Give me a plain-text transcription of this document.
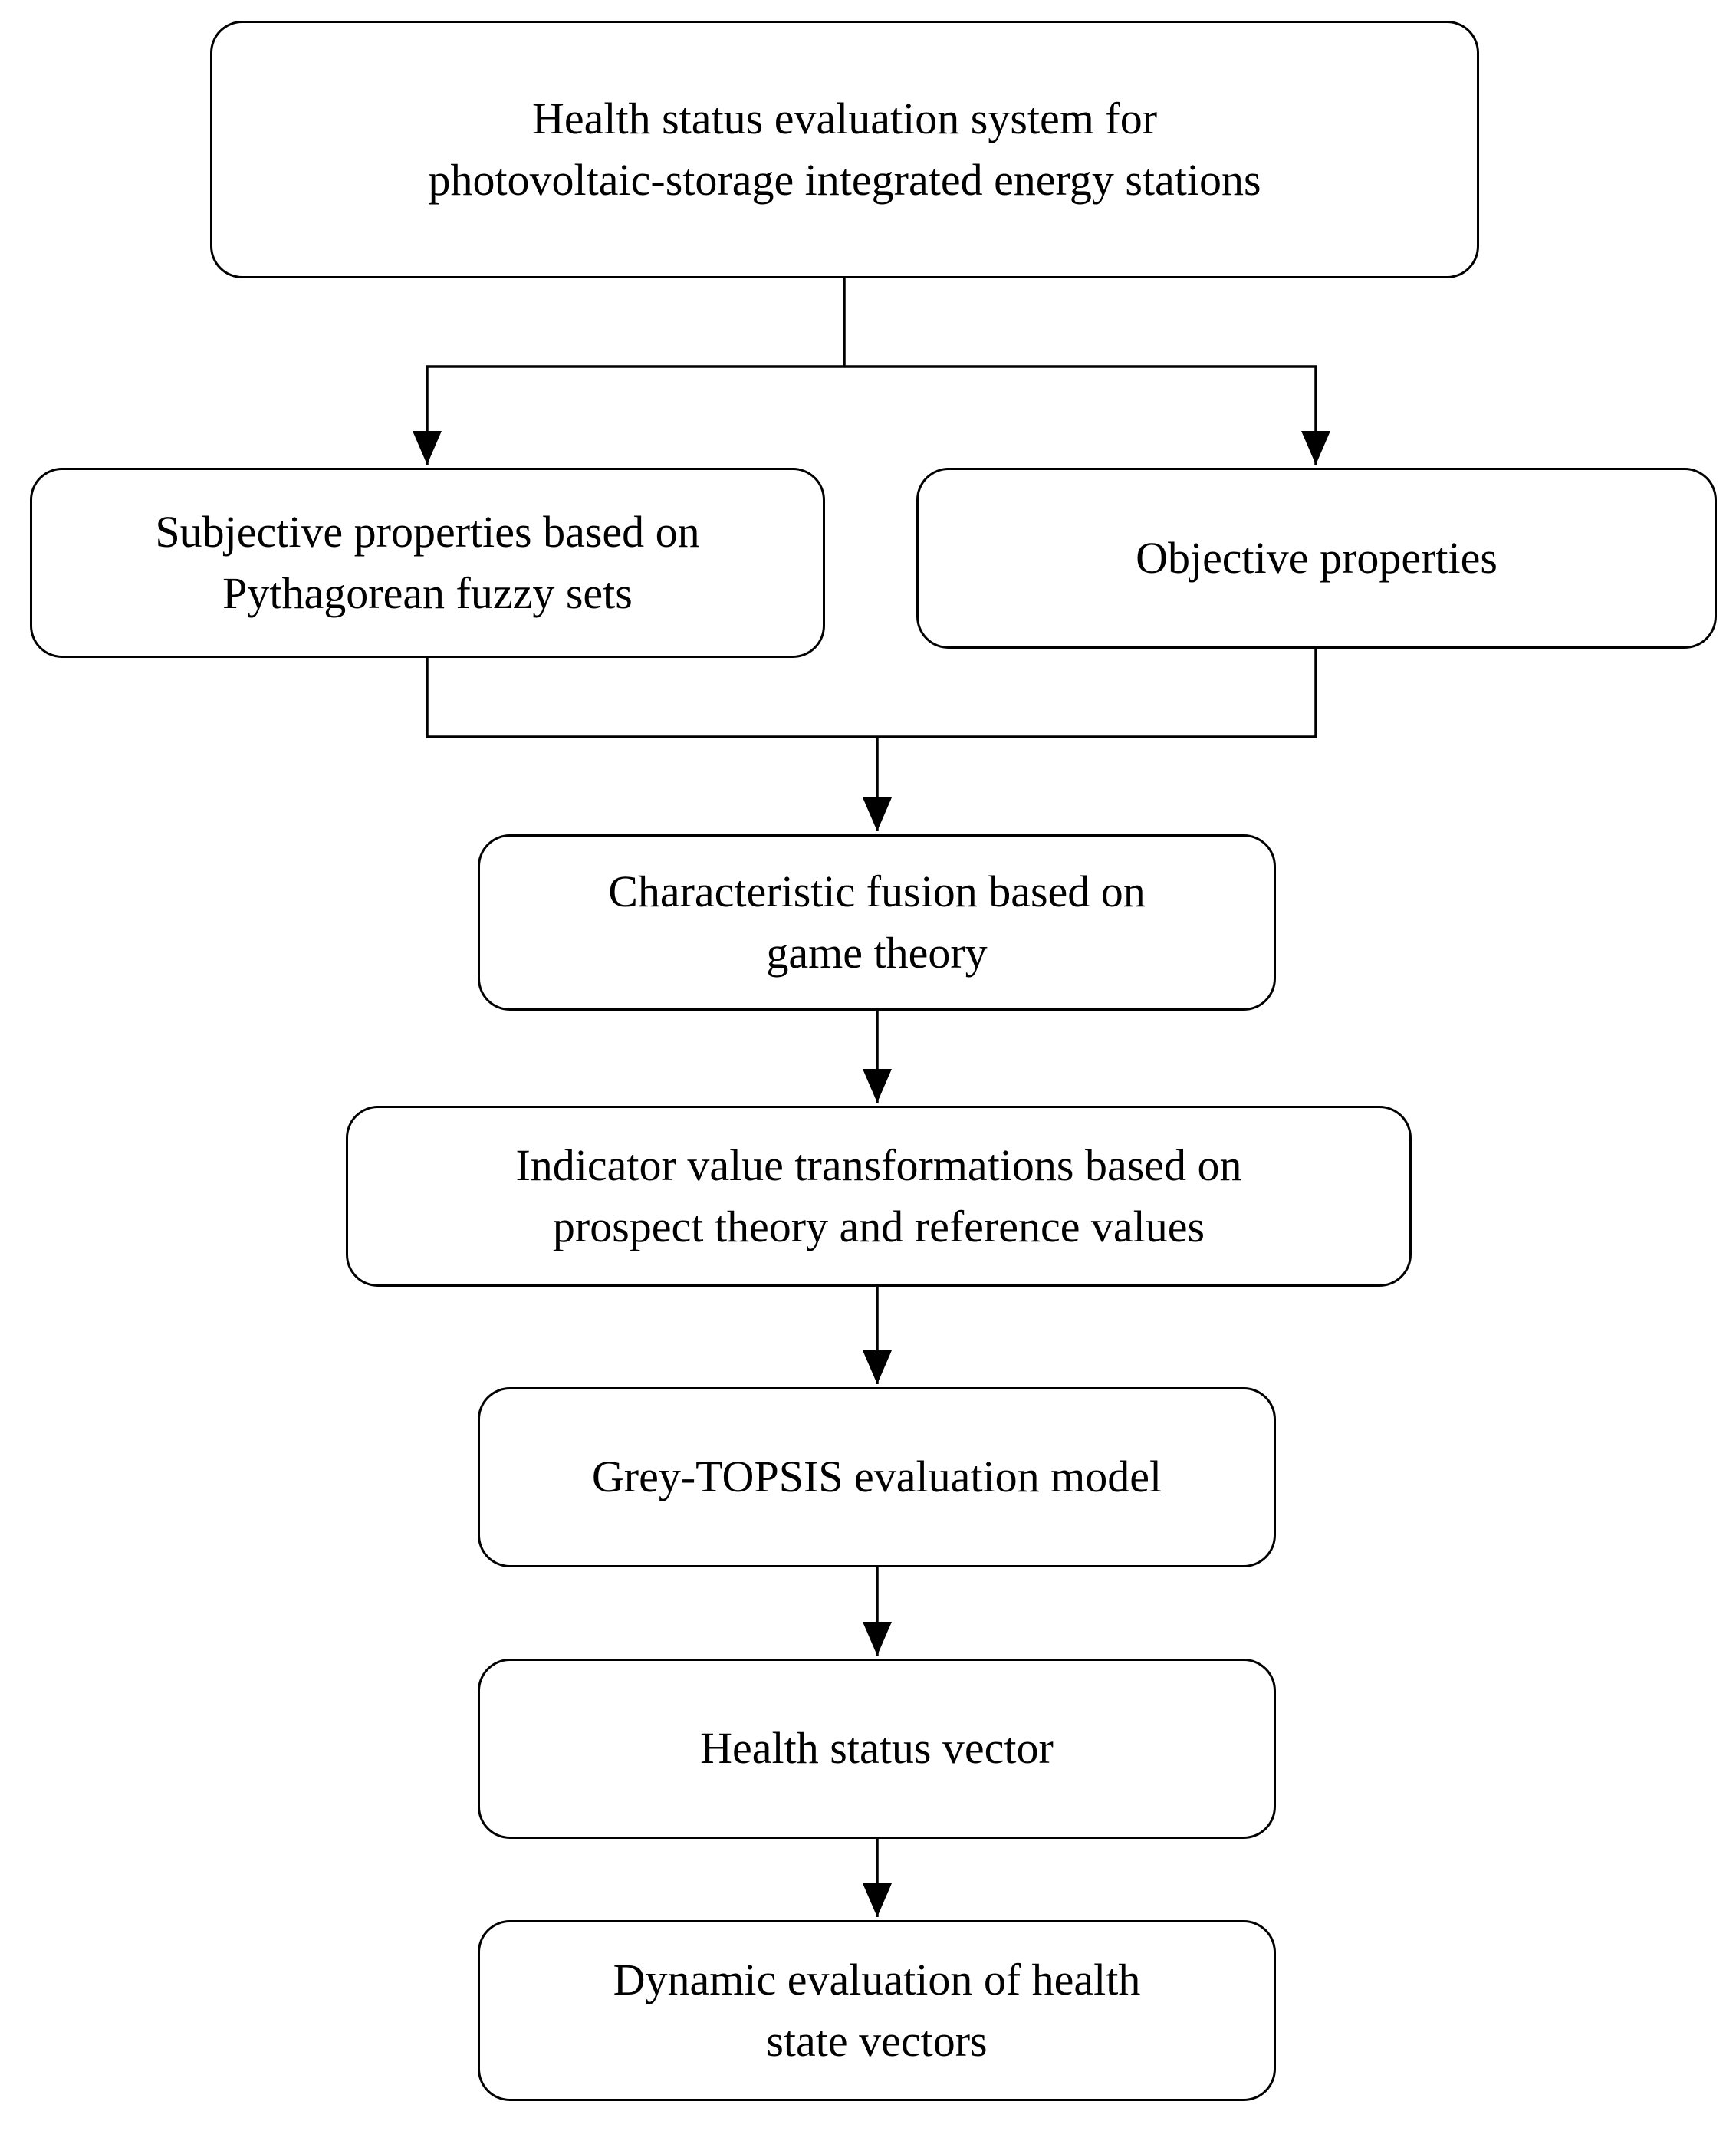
Health status evaluation system for
photovoltaic-storage integrated energy stations
Subjective properties based on
Pythagorean fuzzy sets
Objective properties
Characteristic fusion based on
game theory
Indicator value transformations based on
prospect theory and reference values
Grey-TOPSIS evaluation model
Health status vector
Dynamic evaluation of health
state vectors
